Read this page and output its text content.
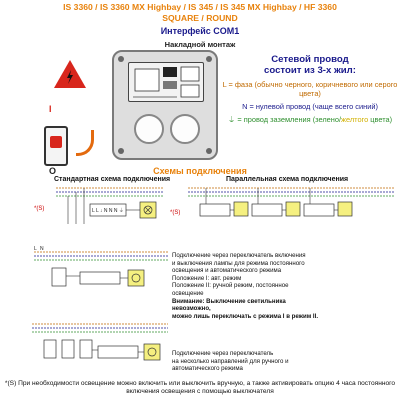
IS 3360 / IS 3360 MX Highbay / IS 345 / IS 345 MX Highbay / HF 3360
SQUARE / ROUND
Интерфейс COM1
Накладной монтаж
I
O
Сетевой провод
состоит из 3-х жил:
L = фаза (обычно черного, коричневого или серого цвета)
N = нулевой провод (чаще всего синий)
⏚ = провод заземления (зелено/желтого цвета)
Схемы подключения
Стандартная схема подключения	Параллельная схема подключения
L L ↓ N N N ⏚
*(S)
*(S)
L N
Подключение через переключатель включения
и выключения лампы для режима постоянного
освещения и автоматического режима
Положение I: авт. режим
Положение II: ручной режим, постоянное
освещение
Внимание: Выключение светильника
невозможно,
можно лишь переключать с режима I в режим II.
Подключение через переключатель
на несколько направлений для ручного и
автоматического режима
*(S) При необходимости освещение можно включить или выключить вручную, а также активировать опцию 4 часа постоянного включения освещения с помощью выключателя
